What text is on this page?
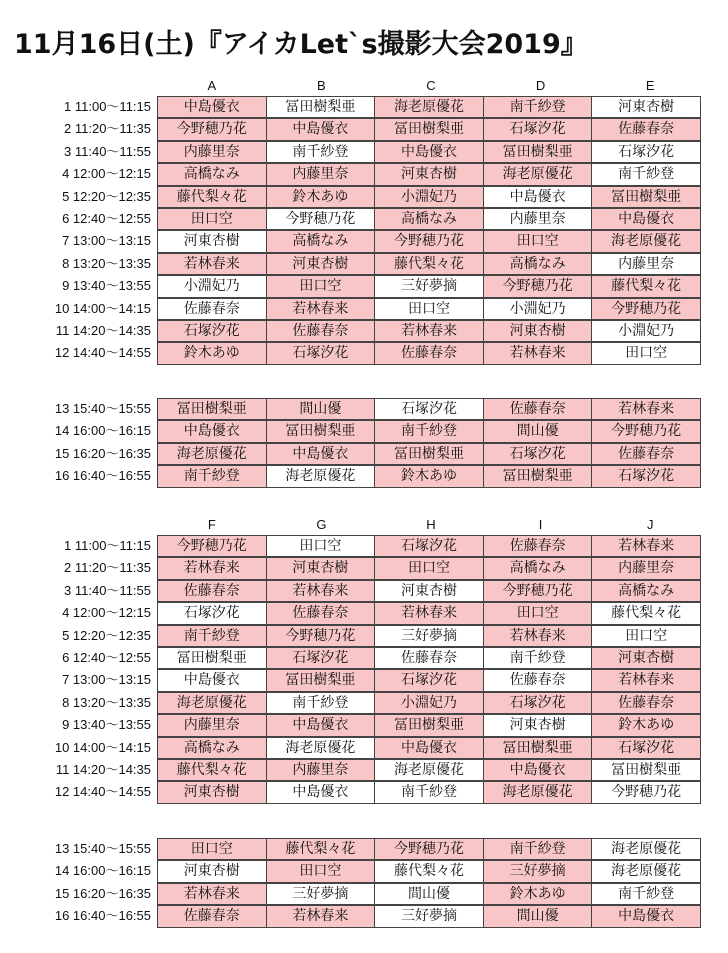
11月16日(土)『アイカLet`s撮影大会2019』
A	B	C	D	E
1 11:00〜11:15	中島優衣	冨田樹梨亜	海老原優花	南千紗登	河東杏樹
2 11:20〜11:35	今野穂乃花	中島優衣	冨田樹梨亜	石塚汐花	佐藤春奈
3 11:40〜11:55	内藤里奈	南千紗登	中島優衣	冨田樹梨亜	石塚汐花
4 12:00〜12:15	高橋なみ	内藤里奈	河東杏樹	海老原優花	南千紗登
5 12:20〜12:35	藤代梨々花	鈴木あゆ	小淵妃乃	中島優衣	冨田樹梨亜
6 12:40〜12:55	田口空	今野穂乃花	高橋なみ	内藤里奈	中島優衣
7 13:00〜13:15	河東杏樹	高橋なみ	今野穂乃花	田口空	海老原優花
8 13:20〜13:35	若林春来	河東杏樹	藤代梨々花	高橋なみ	内藤里奈
9 13:40〜13:55	小淵妃乃	田口空	三好夢摘	今野穂乃花	藤代梨々花
10 14:00〜14:15	佐藤春奈	若林春来	田口空	小淵妃乃	今野穂乃花
11 14:20〜14:35	石塚汐花	佐藤春奈	若林春来	河東杏樹	小淵妃乃
12 14:40〜14:55	鈴木あゆ	石塚汐花	佐藤春奈	若林春来	田口空
13 15:40〜15:55	冨田樹梨亜	間山優	石塚汐花	佐藤春奈	若林春来
14 16:00〜16:15	中島優衣	冨田樹梨亜	南千紗登	間山優	今野穂乃花
15 16:20〜16:35	海老原優花	中島優衣	冨田樹梨亜	石塚汐花	佐藤春奈
16 16:40〜16:55	南千紗登	海老原優花	鈴木あゆ	冨田樹梨亜	石塚汐花
F	G	H	I	J
1 11:00〜11:15	今野穂乃花	田口空	石塚汐花	佐藤春奈	若林春来
2 11:20〜11:35	若林春来	河東杏樹	田口空	高橋なみ	内藤里奈
3 11:40〜11:55	佐藤春奈	若林春来	河東杏樹	今野穂乃花	高橋なみ
4 12:00〜12:15	石塚汐花	佐藤春奈	若林春来	田口空	藤代梨々花
5 12:20〜12:35	南千紗登	今野穂乃花	三好夢摘	若林春来	田口空
6 12:40〜12:55	冨田樹梨亜	石塚汐花	佐藤春奈	南千紗登	河東杏樹
7 13:00〜13:15	中島優衣	冨田樹梨亜	石塚汐花	佐藤春奈	若林春来
8 13:20〜13:35	海老原優花	南千紗登	小淵妃乃	石塚汐花	佐藤春奈
9 13:40〜13:55	内藤里奈	中島優衣	冨田樹梨亜	河東杏樹	鈴木あゆ
10 14:00〜14:15	高橋なみ	海老原優花	中島優衣	冨田樹梨亜	石塚汐花
11 14:20〜14:35	藤代梨々花	内藤里奈	海老原優花	中島優衣	冨田樹梨亜
12 14:40〜14:55	河東杏樹	中島優衣	南千紗登	海老原優花	今野穂乃花
13 15:40〜15:55	田口空	藤代梨々花	今野穂乃花	南千紗登	海老原優花
14 16:00〜16:15	河東杏樹	田口空	藤代梨々花	三好夢摘	海老原優花
15 16:20〜16:35	若林春来	三好夢摘	間山優	鈴木あゆ	南千紗登
16 16:40〜16:55	佐藤春奈	若林春来	三好夢摘	間山優	中島優衣
